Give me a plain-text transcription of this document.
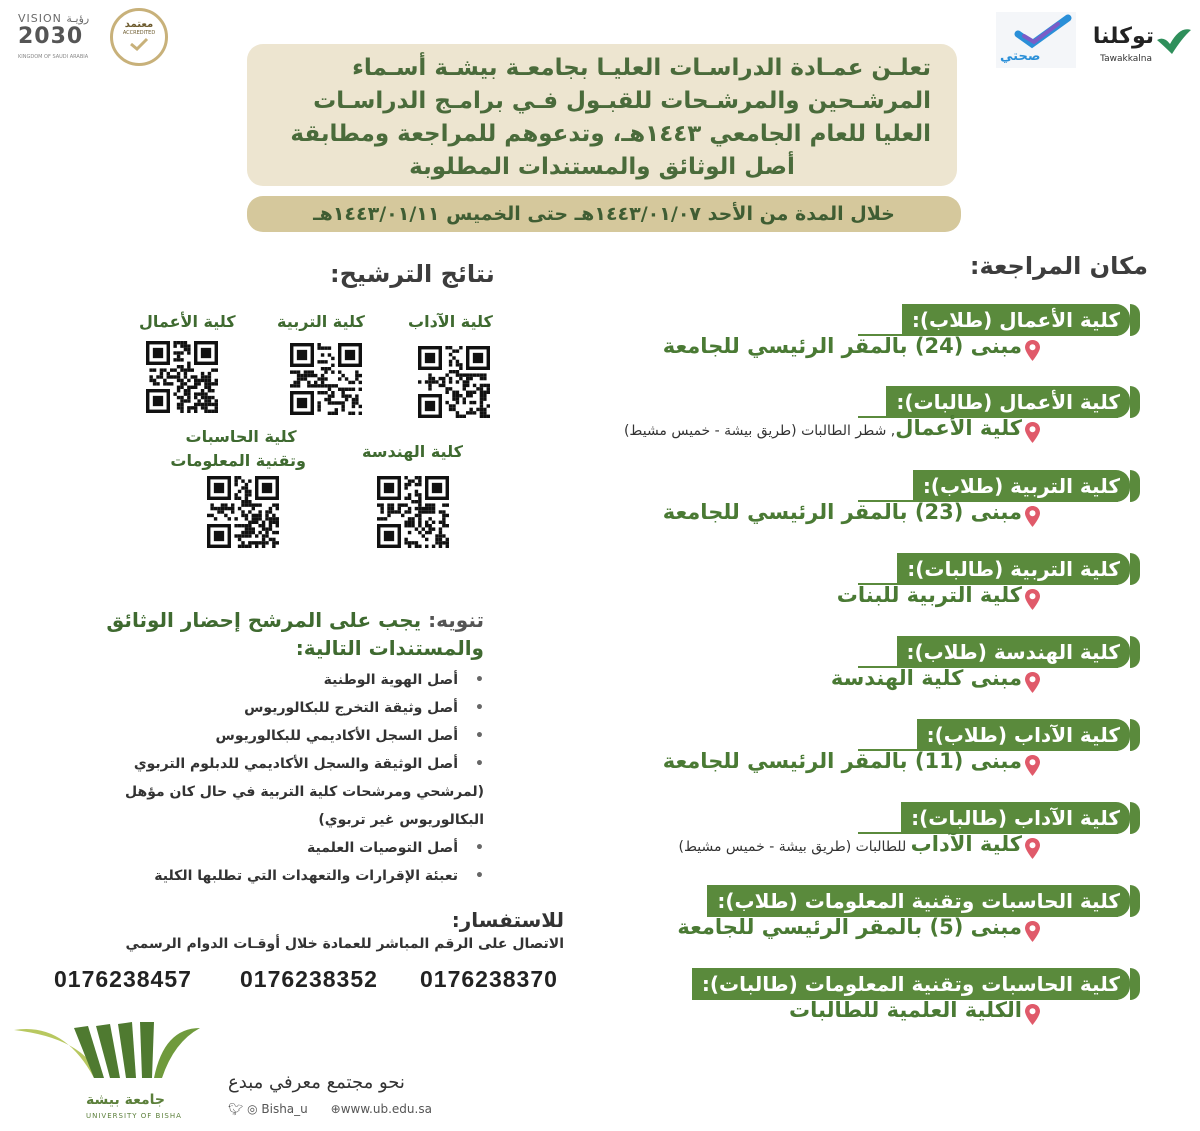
توكلنا
Tawakkalna
صحتي
VISION رؤيـة
2030
KINGDOM OF SAUDI ARABIA
معتمد
ACCREDITED
تعلـن عمـادة الدراسـات العليـا بجامعـة بيشـة أسـماء
المرشـحين والمرشـحات للقبـول فـي برامـج الدراسـات
العليا للعام الجامعي ١٤٤٣هـ، وتدعوهم للمراجعة ومطابقة
أصل الوثائق والمستندات المطلوبة
خلال المدة من الأحد ١٤٤٣/٠١/٠٧هـ حتى الخميس ١٤٤٣/٠١/١١هـ
مكان المراجعة:
كلية الأعمال (طلاب):
مبنى (24) بالمقر الرئيسي للجامعة
كلية الأعمال (طالبات):
كلية الأعمال, شطر الطالبات (طريق بيشة - خميس مشيط)
كلية التربية (طلاب):
مبنى (23) بالمقر الرئيسي للجامعة
كلية التربية (طالبات):
كلية التربية للبنات
كلية الهندسة (طلاب):
مبنى كلية الهندسة
كلية الآداب (طلاب):
مبنى (11) بالمقر الرئيسي للجامعة
كلية الآداب (طالبات):
كلية الآداب للطالبات (طريق بيشة - خميس مشيط)
كلية الحاسبات وتقنية المعلومات (طلاب):
مبنى (5) بالمقر الرئيسي للجامعة
كلية الحاسبات وتقنية المعلومات (طالبات):
الكلية العلمية للطالبات
نتائج الترشيح:
كلية الآداب
كلية التربية
كلية الأعمال
كلية الهندسة
كلية الحاسبات
وتقنية المعلومات
تنويه: يجب على المرشح إحضار الوثائق
والمستندات التالية:
• أصل الهوية الوطنية
• أصل وثيقة التخرج للبكالوريوس
• أصل السجل الأكاديمي للبكالوريوس
• أصل الوثيقة والسجل الأكاديمي للدبلوم التربوي
(لمرشحي ومرشحات كلية التربية في حال كان مؤهل
البكالوريوس غير تربوي)
• أصل التوصيات العلمية
• تعبئة الإقرارات والتعهدات التي تطلبها الكلية
للاستفسار:
الاتصال على الرقم المباشر للعمادة خلال أوقـات الدوام الرسمي
0176238370
0176238352
0176238457
جامعة بيشة
UNIVERSITY OF BISHA
نحو مجتمع معرفي مبدع
🐦︎ ◎ Bisha_u ⊕www.ub.edu.sa
